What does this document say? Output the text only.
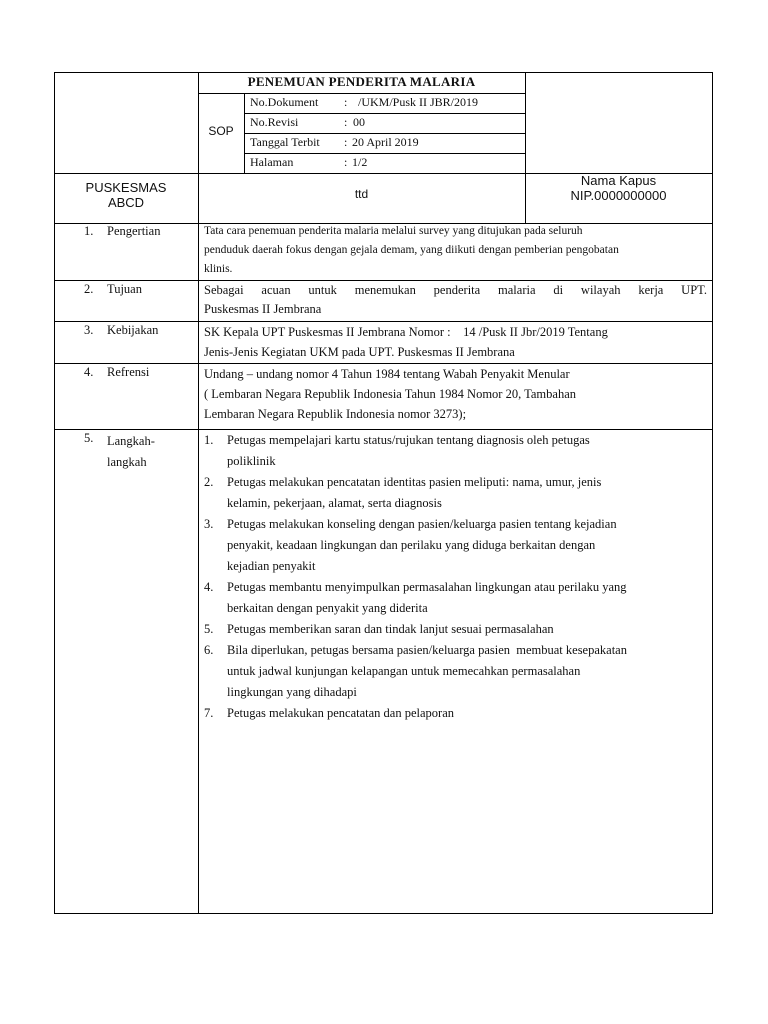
PENEMUAN PENDERITA MALARIA
SOP
No.Dokument : /UKM/Pusk II JBR/2019
No.Revisi	: 00
Tanggal Terbit : 20 April 2019
Halaman	: 1/2
PUSKESMAS
ABCD
ttd
Nama Kapus
NIP.0000000000
1. Pengertian	Tata cara penemuan penderita malaria melalui survey yang ditujukan pada seluruh
penduduk daerah fokus dengan gejala demam, yang diikuti dengan pemberian pengobatan
klinis.
2. Tujuan	Sebagai acuan untuk menemukan penderita malaria di wilayah kerja UPT.
Puskesmas II Jembrana
3. Kebijakan	SK Kepala UPT Puskesmas II Jembrana Nomor :    14 /Pusk II Jbr/2019 Tentang
Jenis-Jenis Kegiatan UKM pada UPT. Puskesmas II Jembrana
4. Refrensi	Undang – undang nomor 4 Tahun 1984 tentang Wabah Penyakit Menular
( Lembaran Negara Republik Indonesia Tahun 1984 Nomor 20, Tambahan
Lembaran Negara Republik Indonesia nomor 3273);
5. Langkah-
langkah
1.	Petugas mempelajari kartu status/rujukan tentang diagnosis oleh petugas
poliklinik
2.	Petugas melakukan pencatatan identitas pasien meliputi: nama, umur, jenis
kelamin, pekerjaan, alamat, serta diagnosis
3.	Petugas melakukan konseling dengan pasien/keluarga pasien tentang kejadian
penyakit, keadaan lingkungan dan perilaku yang diduga berkaitan dengan
kejadian penyakit
4.	Petugas membantu menyimpulkan permasalahan lingkungan atau perilaku yang
berkaitan dengan penyakit yang diderita
5.	Petugas memberikan saran dan tindak lanjut sesuai permasalahan
6.	Bila diperlukan, petugas bersama pasien/keluarga pasien  membuat kesepakatan
untuk jadwal kunjungan kelapangan untuk memecahkan permasalahan
lingkungan yang dihadapi
7.	Petugas melakukan pencatatan dan pelaporan
